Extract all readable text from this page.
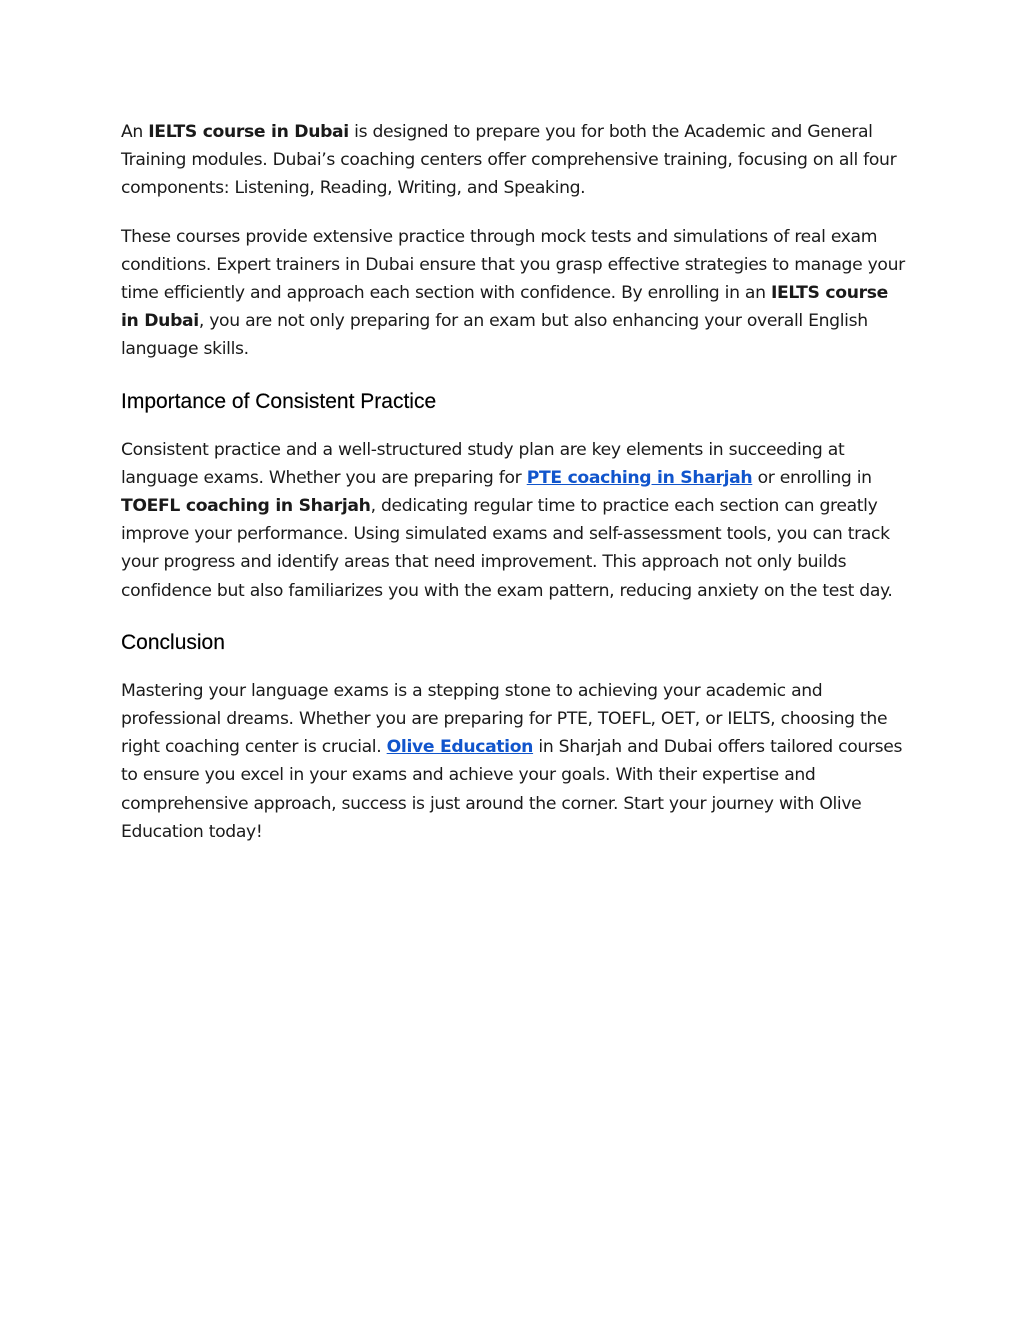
An IELTS course in Dubai is designed to prepare you for both the Academic and General Training modules. Dubai’s coaching centers offer comprehensive training, focusing on all four components: Listening, Reading, Writing, and Speaking.

These courses provide extensive practice through mock tests and simulations of real exam conditions. Expert trainers in Dubai ensure that you grasp effective strategies to manage your time efficiently and approach each section with confidence. By enrolling in an IELTS course in Dubai, you are not only preparing for an exam but also enhancing your overall English language skills.

Importance of Consistent Practice

Consistent practice and a well-structured study plan are key elements in succeeding at language exams. Whether you are preparing for PTE coaching in Sharjah or enrolling in TOEFL coaching in Sharjah, dedicating regular time to practice each section can greatly improve your performance. Using simulated exams and self-assessment tools, you can track your progress and identify areas that need improvement. This approach not only builds confidence but also familiarizes you with the exam pattern, reducing anxiety on the test day.

Conclusion

Mastering your language exams is a stepping stone to achieving your academic and professional dreams. Whether you are preparing for PTE, TOEFL, OET, or IELTS, choosing the right coaching center is crucial. Olive Education in Sharjah and Dubai offers tailored courses to ensure you excel in your exams and achieve your goals. With their expertise and comprehensive approach, success is just around the corner. Start your journey with Olive Education today!
